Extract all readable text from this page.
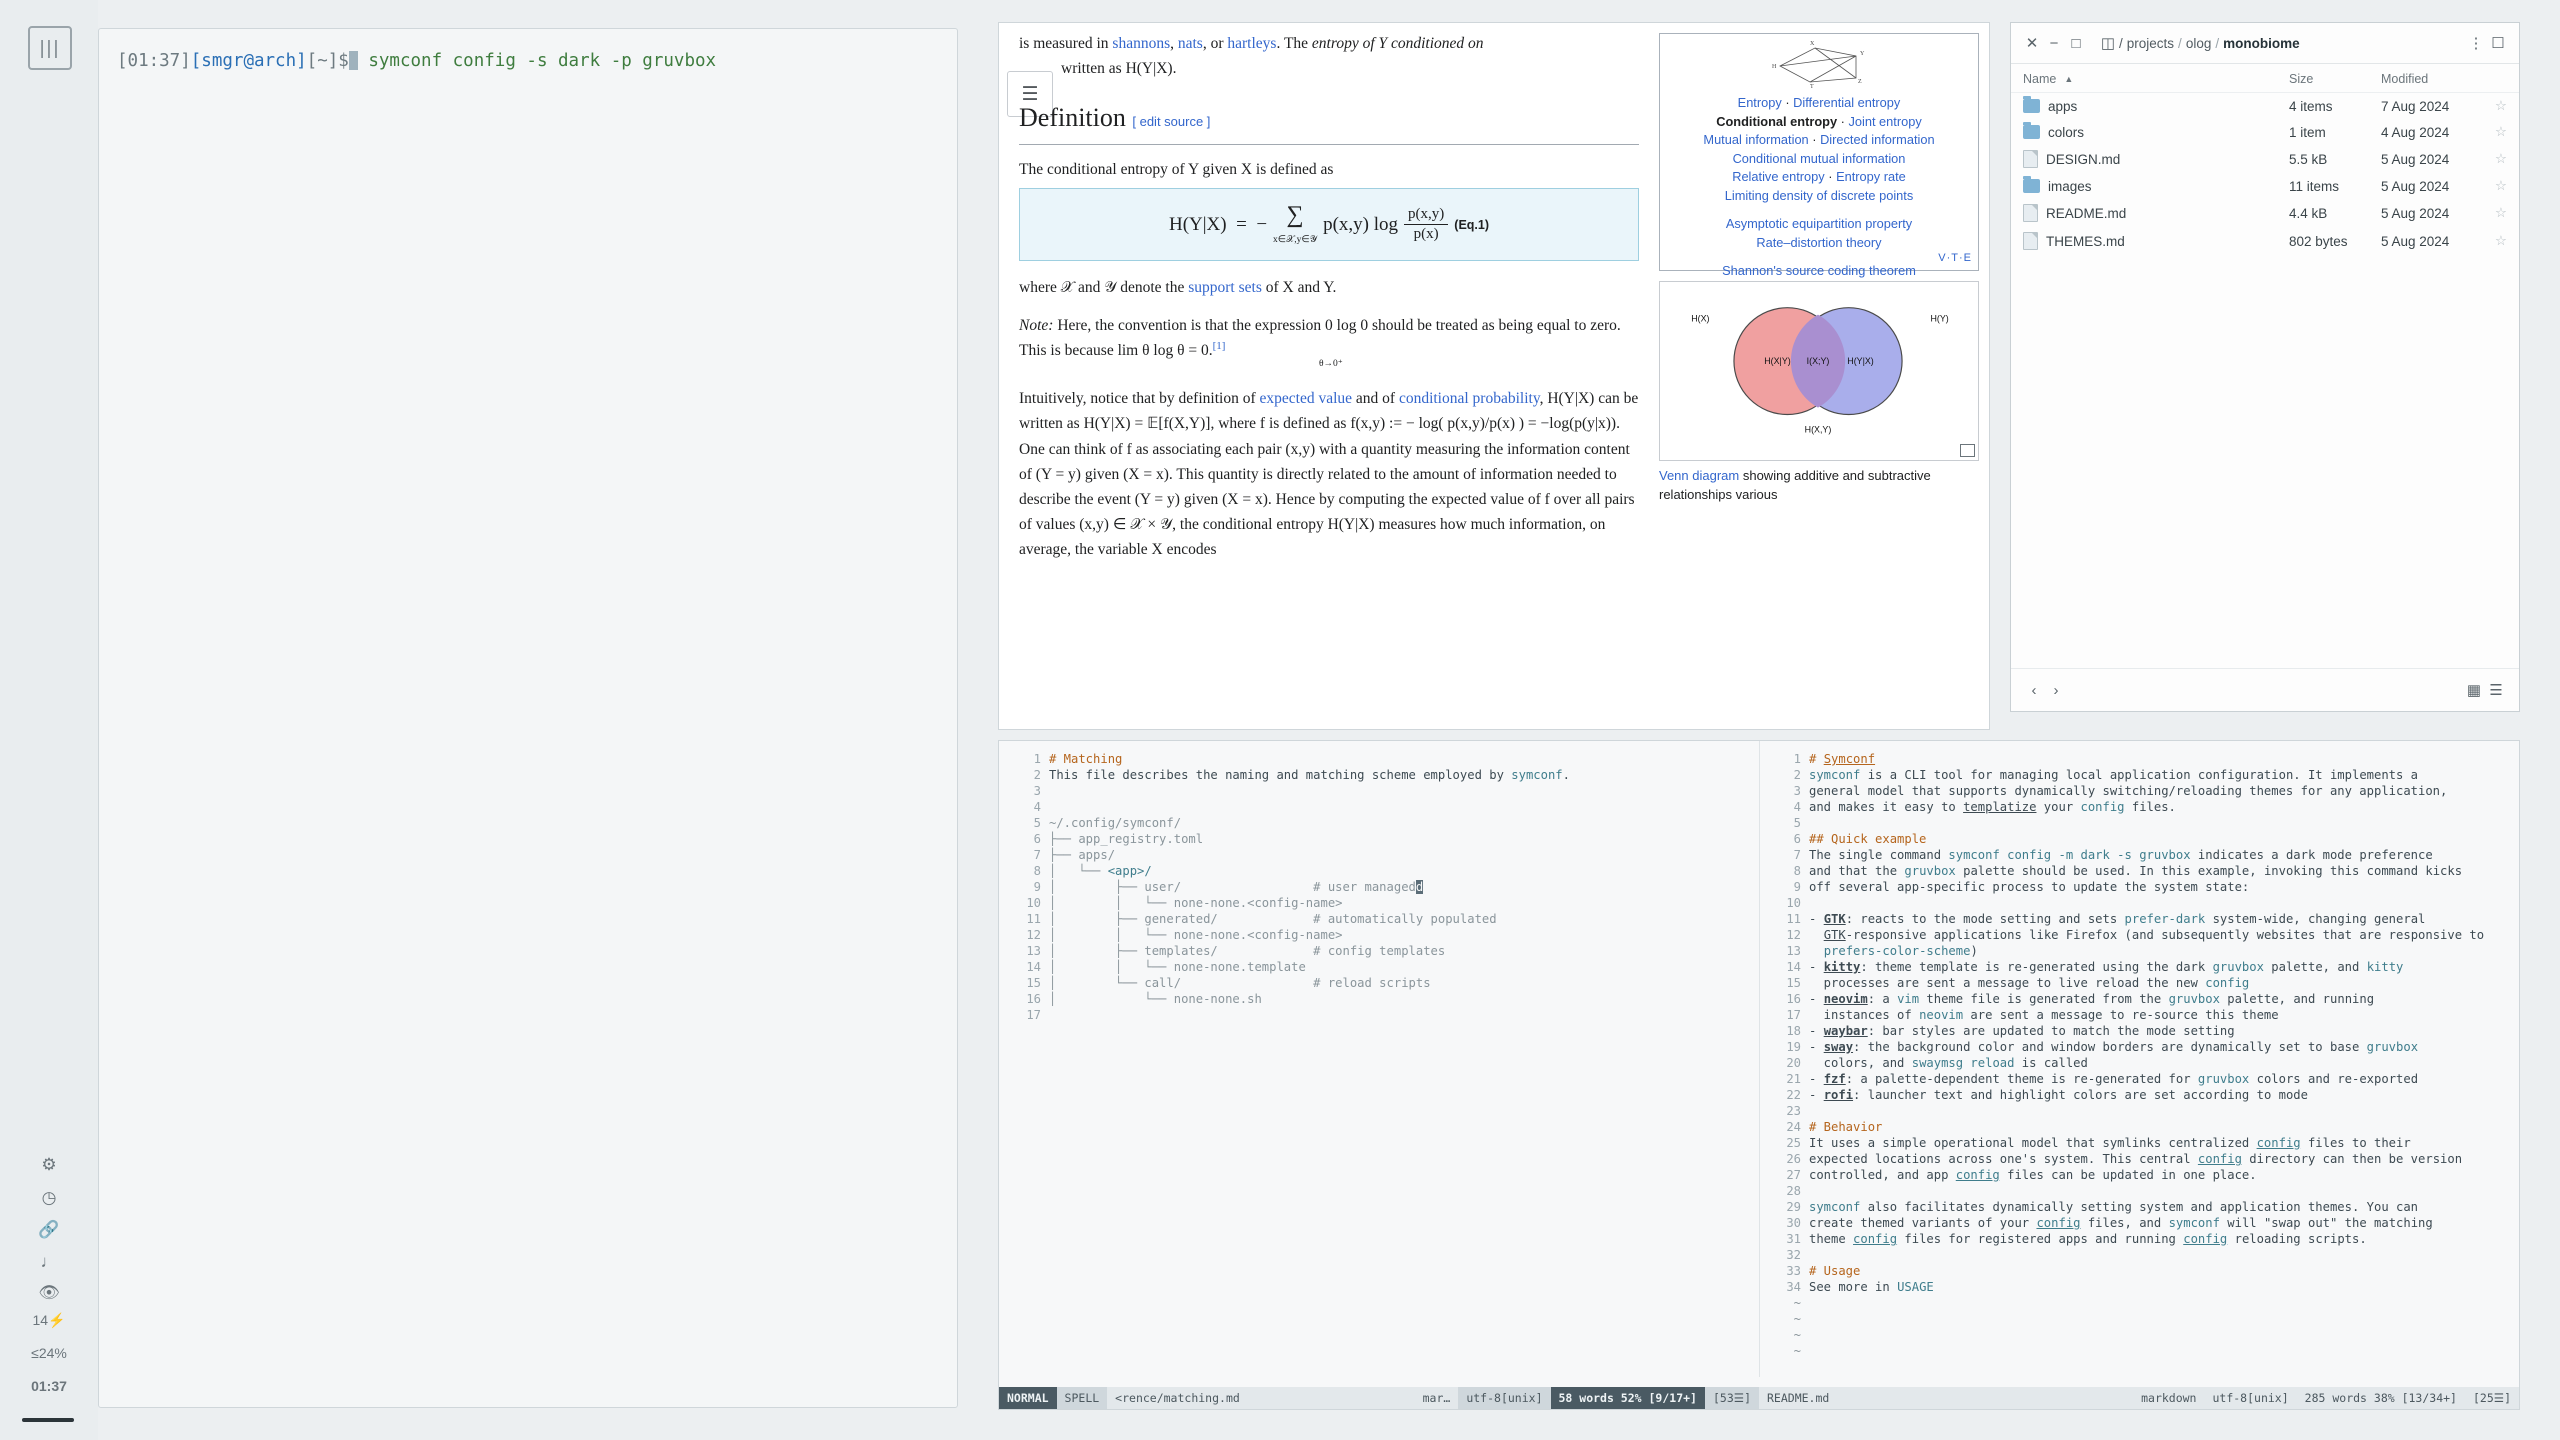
|||
⚙
◷
🔗
♩
👁
14⚡
≤24%
01:37
[01:37][smgr@arch][~]$ symconf config -s dark -p gruvbox
☰
is measured in shannons, nats, or hartleys. The entropy of Y conditioned on
written as H(Y|X).
Definition [ edit source ]
The conditional entropy of Y given X is defined as
H(Y|X)  =  − ∑
x∈𝒳,y∈𝒴
p(x,y) $\log \frac{p(x,y)}{p(x)} (Eq.1)$
where 𝒳 and 𝒴 denote the support sets of X and Y.
Note: Here, the convention is that the expression 0 log 0 should be treated as being equal to zero. This is because lim θ log θ = 0.[1]
θ→0⁺
Intuitively, notice that by definition of expected value and of conditional probability, H(Y|X) can be written as H(Y|X) = 𝔼[f(X,Y)], where f is defined as f(x,y) := − log( p(x,y)/p(x) ) = −log(p(y|x)). One can think of f as associating each pair (x,y) with a quantity measuring the information content of (Y = y) given (X = x). This quantity is directly related to the amount of information needed to describe the event (Y = y) given (X = x). Hence by computing the expected value of f over all pairs of values (x,y) ∈ 𝒳 × 𝒴, the conditional entropy H(Y|X) measures how much information, on average, the variable X encodes
X
Y
H
Z
T
Entropy · Differential entropy
Conditional entropy · Joint entropy
Mutual information · Directed information
Conditional mutual information
Relative entropy · Entropy rate
Limiting density of discrete points
Asymptotic equipartition property
Rate–distortion theory
Shannon's source coding theorem
V·T·E
H(X)	H(Y)
H(X|Y) I(X;Y) H(Y|X)
H(X,Y)
Venn diagram showing additive and subtractive relationships various
✕ − □	◫ / projects / olog / monobiome	⋮ ☐
Name ▲	Size	Modified
apps	4 items	7 Aug 2024	☆
colors	1 item	4 Aug 2024	☆
DESIGN.md	5.5 kB	5 Aug 2024	☆
images	11 items	5 Aug 2024	☆
README.md	4.4 kB	5 Aug 2024	☆
THEMES.md	802 bytes	5 Aug 2024	☆
‹	›	▦ ☰
1 # Matching
2 This file describes the naming and matching scheme employed by symconf.
3
4
5 ~/.config/symconf/
6 ├── app_registry.toml
7 ├── apps/
8 │   └── <app>/
9 │        ├── user/                  # user managedd
10 │        │   └── none-none.<config-name>
11 │        ├── generated/             # automatically populated
12 │        │   └── none-none.<config-name>
13 │        ├── templates/             # config templates
14 │        │   └── none-none.template
15 │        └── call/                  # reload scripts
16 │            └── none-none.sh
17
1 # Symconf
2 symconf is a CLI tool for managing local application configuration. It implements a
3 general model that supports dynamically switching/reloading themes for any application,
4 and makes it easy to templatize your config files.
5
6 ## Quick example
7 The single command symconf config -m dark -s gruvbox indicates a dark mode preference
8 and that the gruvbox palette should be used. In this example, invoking this command kicks
9 off several app-specific process to update the system state:
10
11 - GTK: reacts to the mode setting and sets prefer-dark system-wide, changing general
12	GTK-responsive applications like Firefox (and subsequently websites that are responsive to
13	prefers-color-scheme)
14 - kitty: theme template is re-generated using the dark gruvbox palette, and kitty
15 processes are sent a message to live reload the new config
16 - neovim: a vim theme file is generated from the gruvbox palette, and running
17 instances of neovim are sent a message to re-source this theme
18 - waybar: bar styles are updated to match the mode setting
19 - sway: the background color and window borders are dynamically set to base gruvbox
20 colors, and swaymsg reload is called
21 - fzf: a palette-dependent theme is re-generated for gruvbox colors and re-exported
22 - rofi: launcher text and highlight colors are set according to mode
23
24 # Behavior
25 It uses a simple operational model that symlinks centralized config files to their
26 expected locations across one's system. This central config directory can then be version
27 controlled, and app config files can be updated in one place.
28
29 symconf also facilitates dynamically setting system and application themes. You can
30 create themed variants of your config files, and symconf will "swap out" the matching
31 theme config files for registered apps and running config reloading scripts.
32
33 # Usage
34 See more in USAGE
~
~
~
~
NORMAL	SPELL	<rence/matching.md	mar…	utf-8[unix]	58 words 52% [9/17+]	[53☰]	README.md	markdown	utf-8[unix]	285 words 38% [13/34+]	[25☰]
